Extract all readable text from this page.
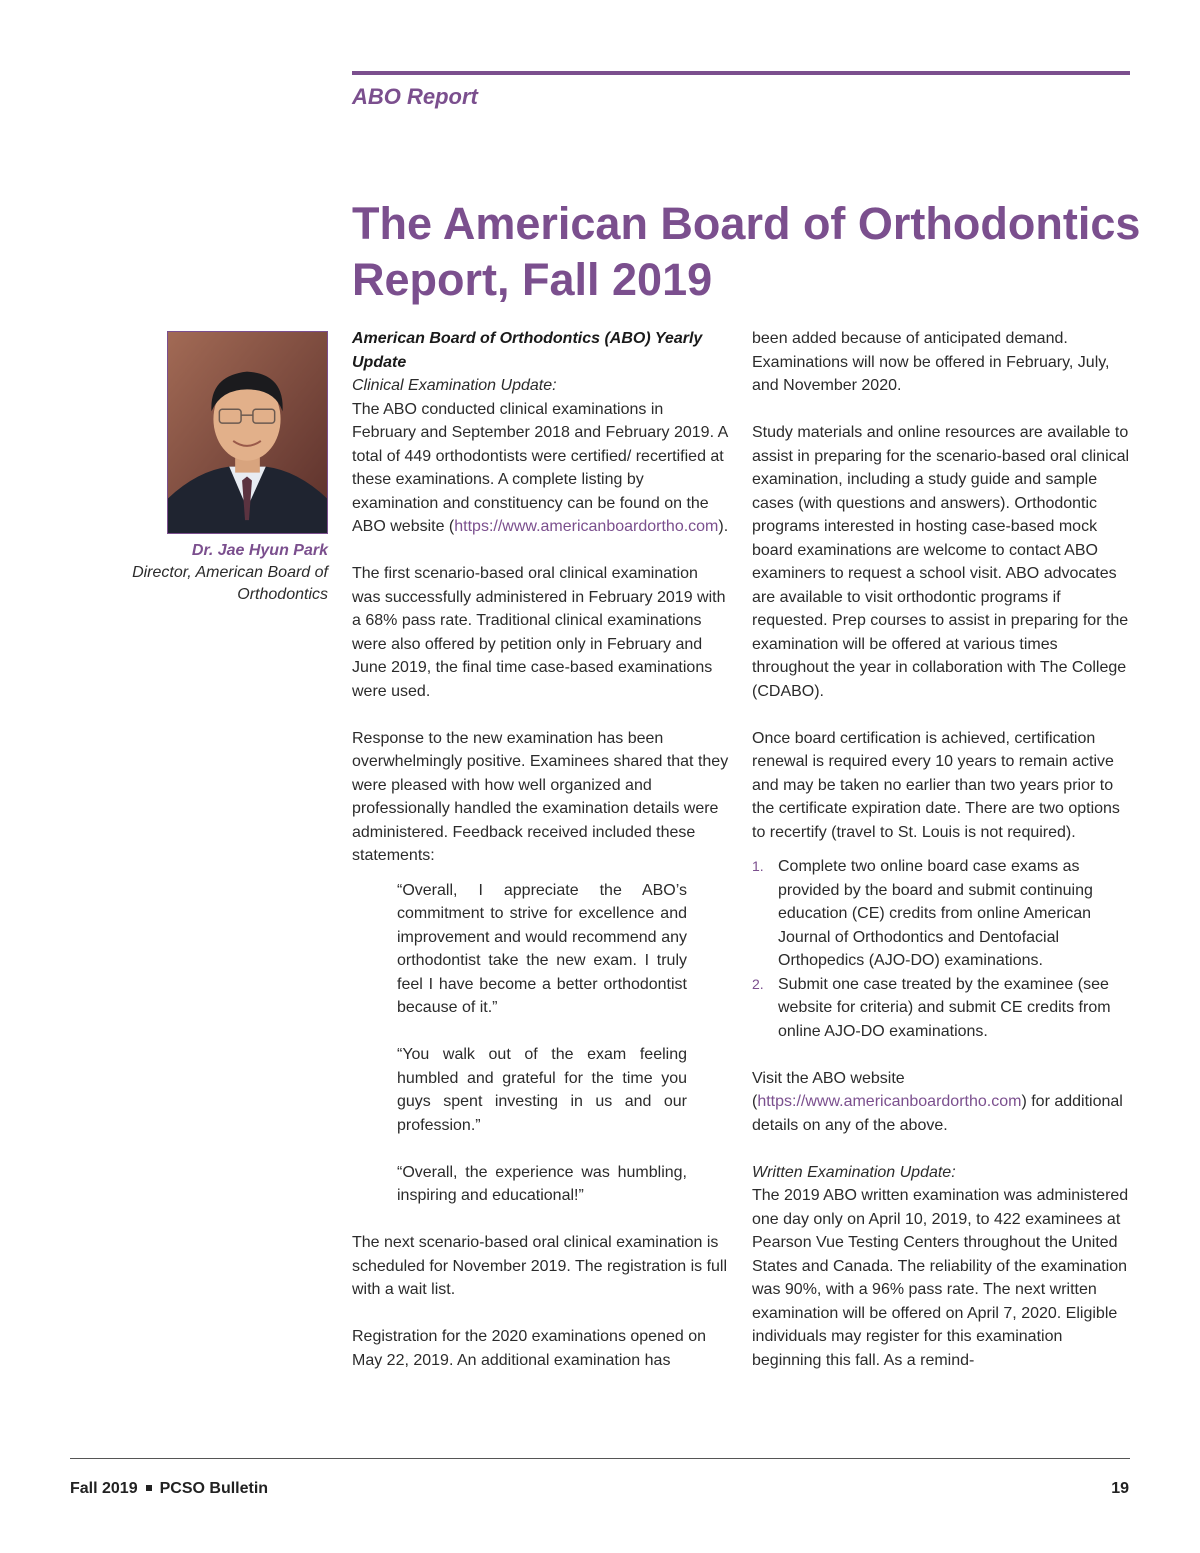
ABO Report
The American Board of Orthodontics
Report, Fall 2019
Dr. Jae Hyun Park
Director, American Board of Orthodontics

American Board of Orthodontics (ABO) Yearly Update

Clinical Examination Update:

The ABO conducted clinical examinations in February and September 2018 and February 2019. A total of 449 orthodontists were certified/ recertified at these examinations. A complete listing by examination and constituency can be found on the ABO website (https://www.americanboardortho.com).

The first scenario-based oral clinical examination was successfully administered in February 2019 with a 68% pass rate. Traditional clinical examinations were also offered by petition only in February and June 2019, the final time case-based examinations were used.

Response to the new examination has been overwhelmingly positive. Examinees shared that they were pleased with how well organized and professionally handled the examination details were administered. Feedback received included these statements:

“Overall, I appreciate the ABO’s commitment to strive for excellence and improvement and would recommend any orthodontist take the new exam. I truly feel I have become a better orthodontist because of it.”

“You walk out of the exam feeling humbled and grateful for the time you guys spent investing in us and our profession.”

“Overall, the experience was humbling, inspiring and educational!”

The next scenario-based oral clinical examination is scheduled for November 2019. The registration is full with a wait list.

Registration for the 2020 examinations opened on May 22, 2019. An additional examination has

been added because of anticipated demand. Examinations will now be offered in February, July, and November 2020.

Study materials and online resources are available to assist in preparing for the scenario-based oral clinical examination, including a study guide and sample cases (with questions and answers). Orthodontic programs interested in hosting case-based mock board examinations are welcome to contact ABO examiners to request a school visit. ABO advocates are available to visit orthodontic programs if requested. Prep courses to assist in preparing for the examination will be offered at various times throughout the year in collaboration with The College (CDABO).

Once board certification is achieved, certification renewal is required every 10 years to remain active and may be taken no earlier than two years prior to the certificate expiration date. There are two options to recertify (travel to St. Louis is not required).

1. Complete two online board case exams as provided by the board and submit continuing education (CE) credits from online American Journal of Orthodontics and Dentofacial Orthopedics (AJO-DO) examinations.
2. Submit one case treated by the examinee (see website for criteria) and submit CE credits from online AJO-DO examinations.

Visit the ABO website (https://www.americanboardortho.com) for additional details on any of the above.

Written Examination Update:

The 2019 ABO written examination was administered one day only on April 10, 2019, to 422 examinees at Pearson Vue Testing Centers throughout the United States and Canada. The reliability of the examination was 90%, with a 96% pass rate. The next written examination will be offered on April 7, 2020. Eligible individuals may register for this examination beginning this fall. As a remind-

Fall 2019 PCSO Bulletin	19
